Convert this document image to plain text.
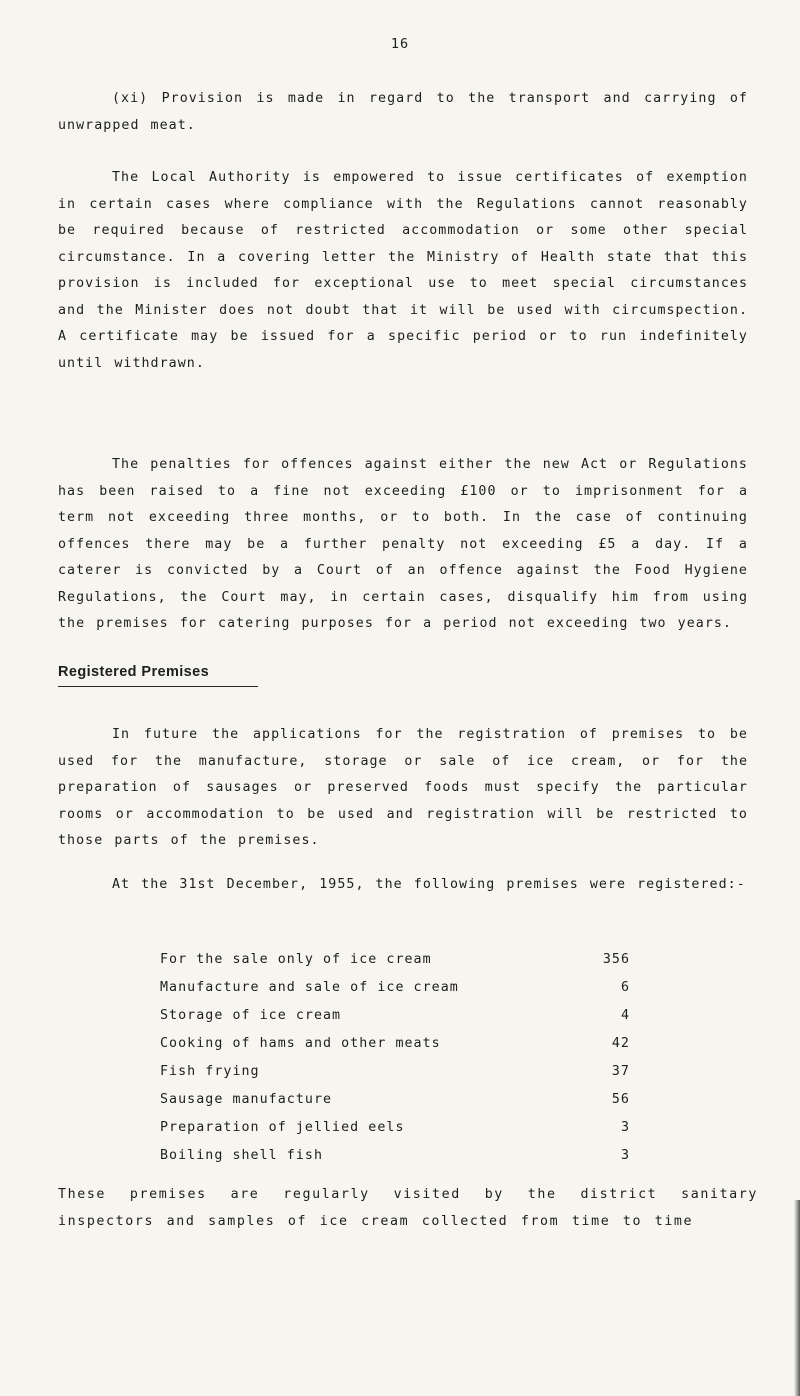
16

(xi) Provision is made in regard to the transport and carrying of unwrapped meat.

The Local Authority is empowered to issue certificates of exemption in certain cases where compliance with the Regulations cannot reasonably be required because of restricted accommodation or some other special circumstance. In a covering letter the Ministry of Health state that this provision is included for exceptional use to meet special circumstances and the Minister does not doubt that it will be used with circumspection. A certificate may be issued for a specific period or to run indefinitely until withdrawn.

The penalties for offences against either the new Act or Regulations has been raised to a fine not exceeding £100 or to imprisonment for a term not exceeding three months, or to both. In the case of continuing offences there may be a further penalty not exceeding £5 a day. If a caterer is convicted by a Court of an offence against the Food Hygiene Regulations, the Court may, in certain cases, disqualify him from using the premises for catering purposes for a period not exceeding two years.

Registered Premises

In future the applications for the registration of premises to be used for the manufacture, storage or sale of ice cream, or for the preparation of sausages or preserved foods must specify the particular rooms or accommodation to be used and registration will be restricted to those parts of the premises.

At the 31st December, 1955, the following premises were registered:-

For the sale only of ice cream	356
Manufacture and sale of ice cream	6
Storage of ice cream	4
Cooking of hams and other meats	42
Fish frying	37
Sausage manufacture	56
Preparation of jellied eels	3
Boiling shell fish	3

These premises are regularly visited by the district sanitary inspectors and samples of ice cream collected from time to time
